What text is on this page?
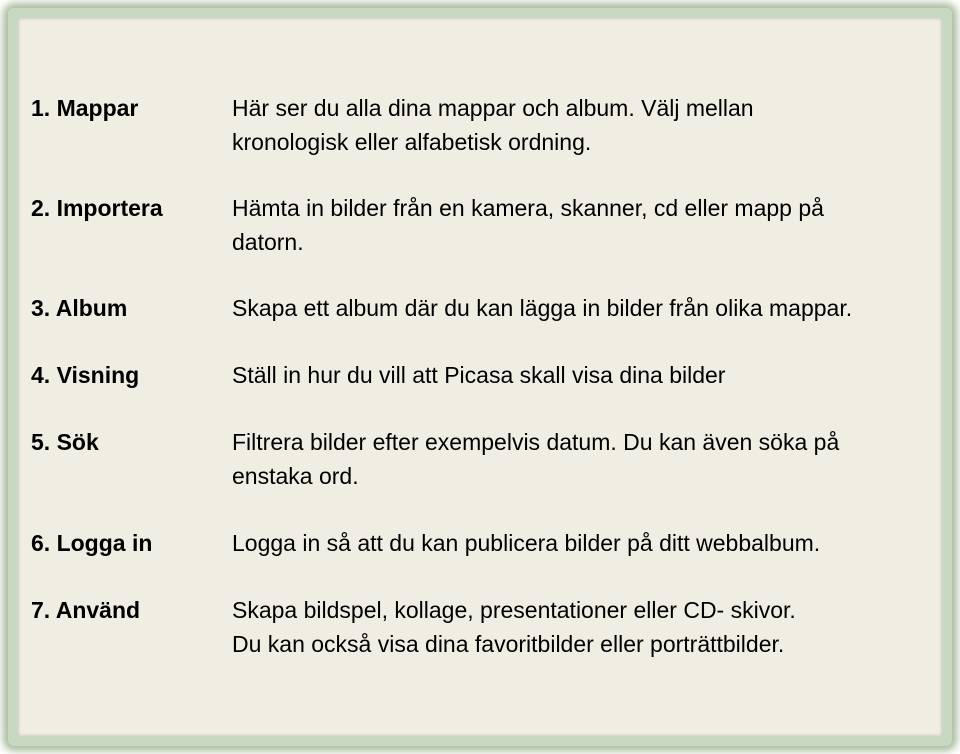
1. Mappar	Här ser du alla dina mappar och album. Välj mellan
kronologisk eller alfabetisk ordning.
2. Importera	Hämta in bilder från en kamera, skanner, cd eller mapp på
datorn.
3. Album	Skapa ett album där du kan lägga in bilder från olika mappar.
4. Visning	Ställ in hur du vill att Picasa skall visa dina bilder
5. Sök	Filtrera bilder efter exempelvis datum. Du kan även söka på
enstaka ord.
6. Logga in	Logga in så att du kan publicera bilder på ditt webbalbum.
7. Använd	Skapa bildspel, kollage, presentationer eller CD- skivor.
Du kan också visa dina favoritbilder eller porträttbilder.
